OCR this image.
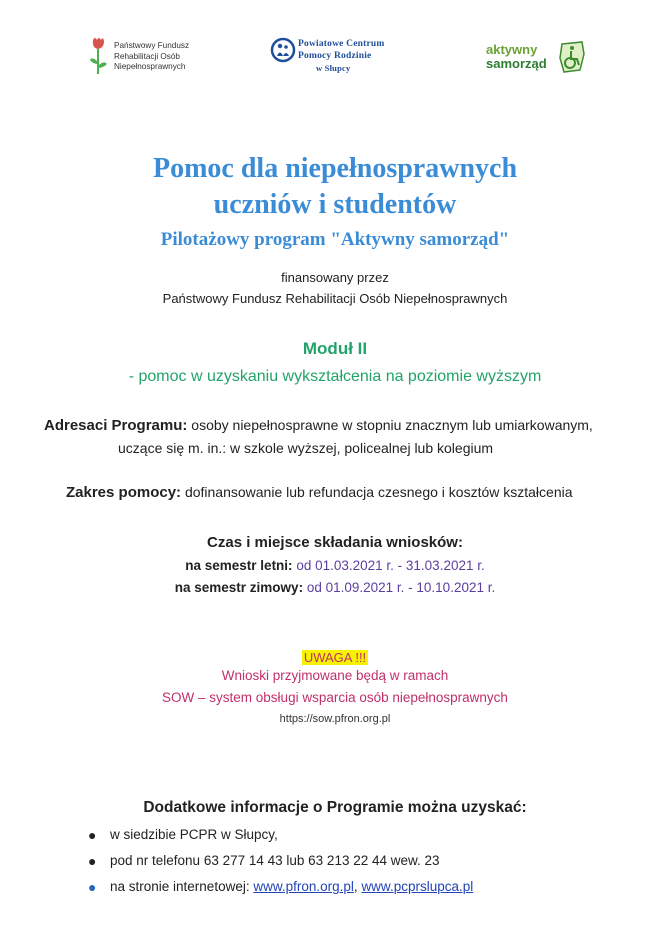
Państwowy Fundusz
Rehabilitacji Osób
Niepełnosprawnych
Powiatowe Centrum
Pomocy Rodzinie
w Słupcy
aktywny
samorząd
Pomoc dla niepełnosprawnych
uczniów i studentów
Pilotażowy program "Aktywny samorząd"
finansowany przez
Państwowy Fundusz Rehabilitacji Osób Niepełnosprawnych
Moduł II
- pomoc w uzyskaniu wykształcenia na poziomie wyższym
Adresaci Programu: osoby niepełnosprawne w stopniu znacznym lub umiarkowanym,
uczące się m. in.: w szkole wyższej, policealnej lub kolegium
Zakres pomocy: dofinansowanie lub refundacja czesnego i kosztów kształcenia
Czas i miejsce składania wniosków:
na semestr letni: od 01.03.2021 r. - 31.03.2021 r.
na semestr zimowy: od 01.09.2021 r. - 10.10.2021 r.
UWAGA !!!
Wnioski przyjmowane będą w ramach
SOW – system obsługi wsparcia osób niepełnosprawnych
https://sow.pfron.org.pl
Dodatkowe informacje o Programie można uzyskać:
● w siedzibie PCPR w Słupcy,
● pod nr telefonu 63 277 14 43 lub 63 213 22 44 wew. 23
● na stronie internetowej: www.pfron.org.pl, www.pcprslupca.pl
